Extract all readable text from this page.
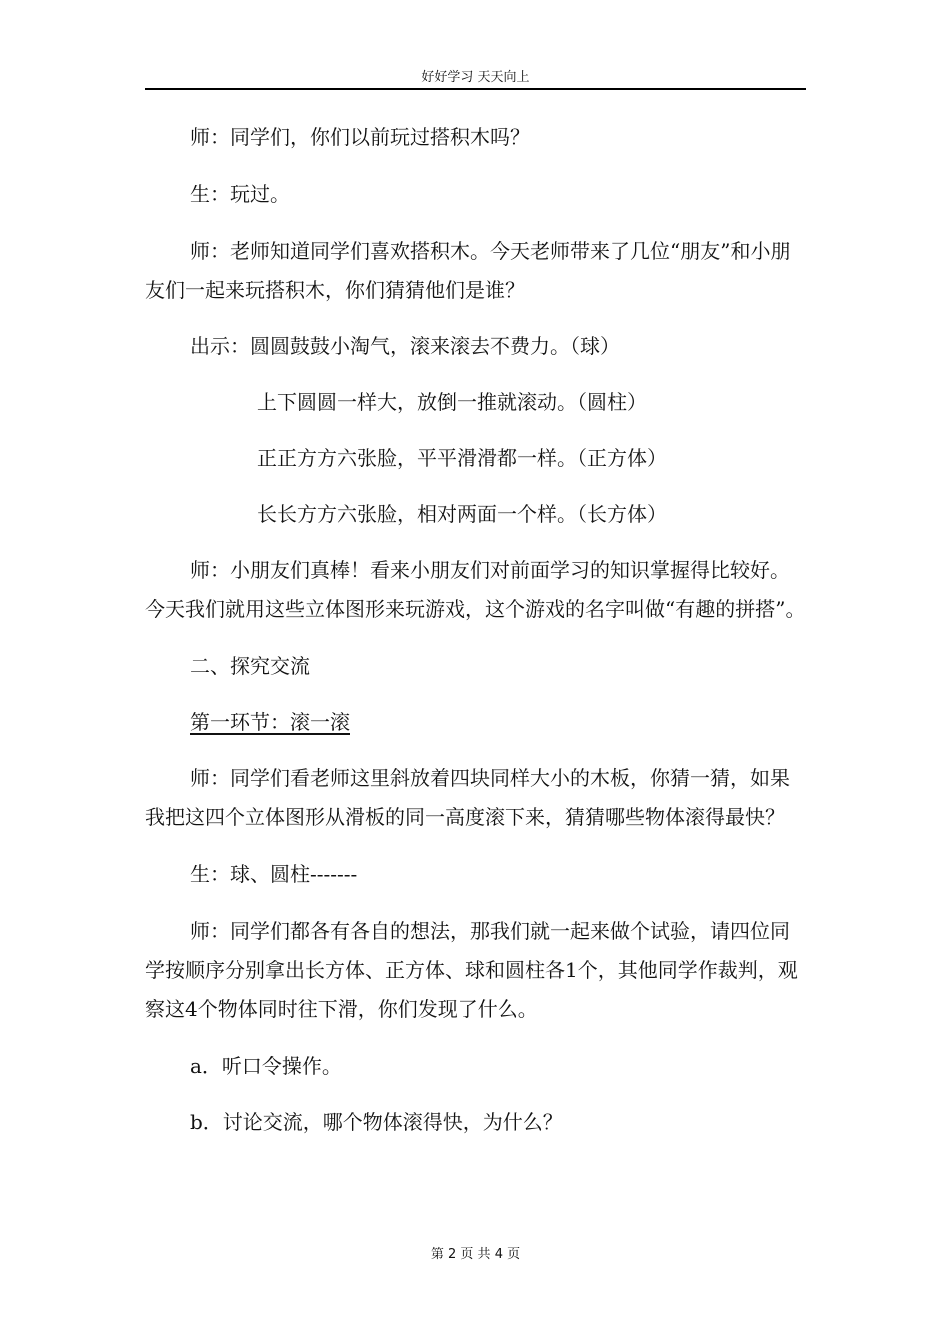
好好学习 天天向上

师：同学们，你们以前玩过搭积木吗？

生：玩过。

师：老师知道同学们喜欢搭积木。今天老师带来了几位“朋友”和小朋友们一起来玩搭积木，你们猜猜他们是谁？

出示：圆圆鼓鼓小淘气，滚来滚去不费力。（球）

上下圆圆一样大，放倒一推就滚动。（圆柱）

正正方方六张脸，平平滑滑都一样。（正方体）

长长方方六张脸，相对两面一个样。（长方体）

师：小朋友们真棒！看来小朋友们对前面学习的知识掌握得比较好。今天我们就用这些立体图形来玩游戏，这个游戏的名字叫做“有趣的拼搭”。

二、探究交流

第一环节：滚一滚

师：同学们看老师这里斜放着四块同样大小的木板，你猜一猜，如果我把这四个立体图形从滑板的同一高度滚下来，猜猜哪些物体滚得最快？

生：球、圆柱-------

师：同学们都各有各自的想法，那我们就一起来做个试验，请四位同学按顺序分别拿出长方体、正方体、球和圆柱各1个，其他同学作裁判，观察这4个物体同时往下滑，你们发现了什么。

a．听口令操作。

b．讨论交流，哪个物体滚得快，为什么？

第 2 页 共 4 页
